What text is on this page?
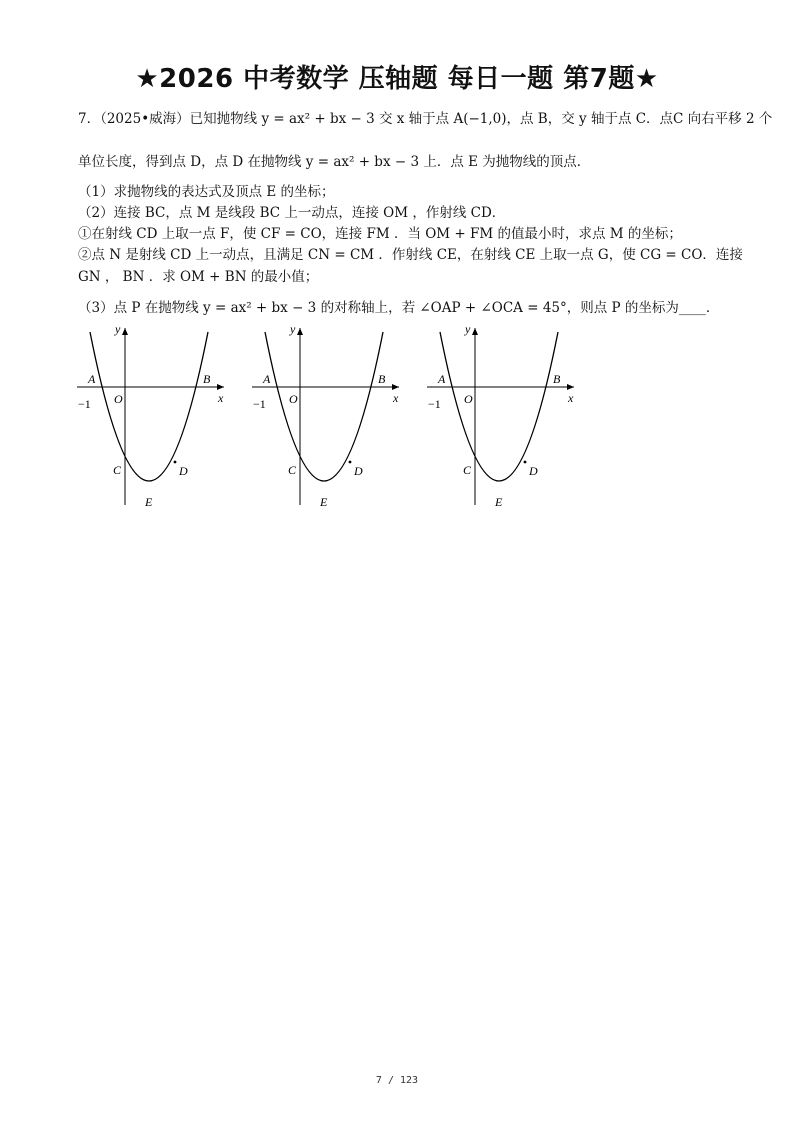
★2026 中考数学 压轴题 每日一题 第7题★
7．（2025•威海）已知抛物线 y = ax² + bx − 3 交 x 轴于点 A(−1,0)，点 B，交 y 轴于点 C．点C 向右平移 2 个
单位长度，得到点 D，点 D 在抛物线 y = ax² + bx − 3 上．点 E 为抛物线的顶点．
（1）求抛物线的表达式及顶点 E 的坐标；
（2）连接 BC，点 M 是线段 BC 上一动点，连接 OM ，作射线 CD．
①在射线 CD 上取一点 F，使 CF = CO，连接 FM ．当 OM + FM 的值最小时，求点 M 的坐标；
②点 N 是射线 CD 上一动点，且满足 CN = CM ．作射线 CE，在射线 CE 上取一点 G，使 CG = CO．连接
GN ， BN ．求 OM + BN 的最小值；
（3）点 P 在抛物线 y = ax² + bx − 3 的对称轴上，若 ∠OAP + ∠OCA = 45°，则点 P 的坐标为____．
A	B
C	D
E
O	x
y
−1
A	B
C	D
E
O	x
y
−1
A	B
C	D
E
O	x
y
−1
7 / 123
